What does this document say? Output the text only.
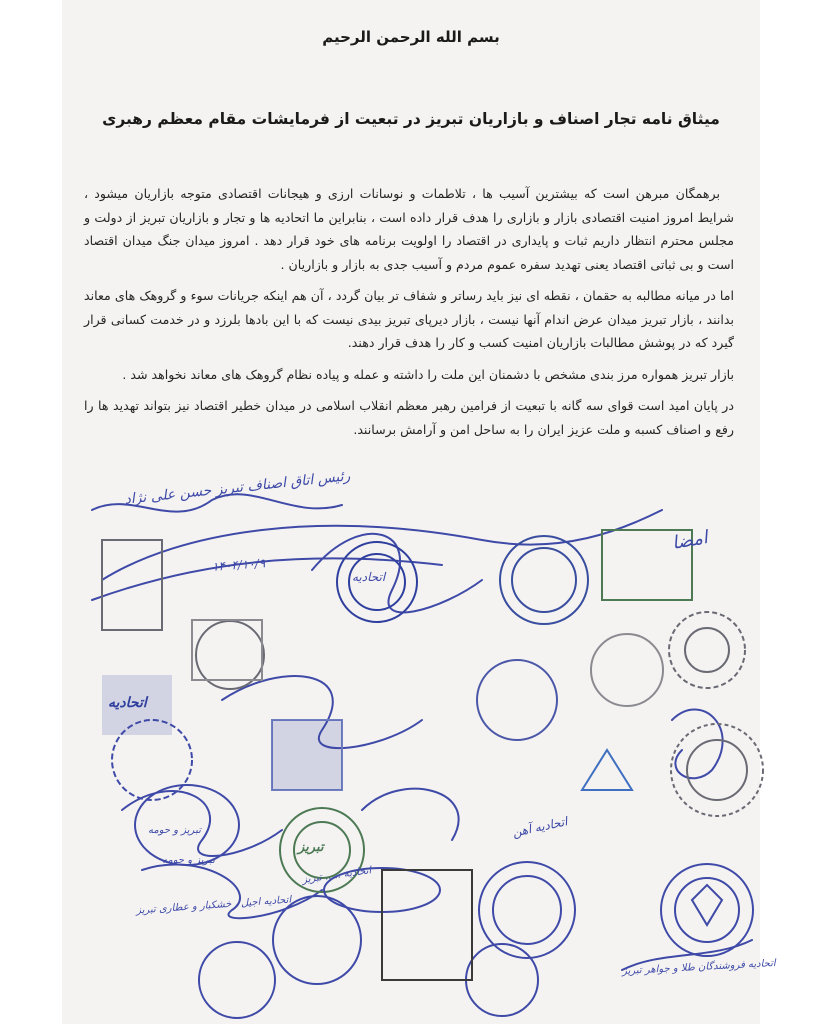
بسم الله الرحمن الرحیم
میثاق نامه تجار اصناف و بازاریان تبریز در تبعیت از فرمایشات مقام معظم رهبری

برهمگان مبرهن است که بیشترین آسیب ها ، تلاطمات و نوسانات ارزی و هیجانات اقتصادی متوجه بازاریان میشود ، شرایط امروز امنیت اقتصادی بازار و بازاری را هدف قرار داده است ، بنابراین ما اتحادیه ها و تجار و بازاریان تبریز از دولت و مجلس محترم انتظار داریم ثبات و پایداری در اقتصاد را اولویت برنامه های خود قرار دهد . امروز میدان جنگ میدان اقتصاد است و بی ثباتی اقتصاد یعنی تهدید سفره عموم مردم و آسیب جدی به بازار و بازاریان .

اما در میانه مطالبه به حقمان ، نقطه ای نیز باید رساتر و شفاف تر بیان گردد ، آن هم اینکه جریانات سوء و گروهک های معاند بدانند ، بازار تبریز میدان عرض اندام آنها نیست ، بازار دیرپای تبریز بیدی نیست که با این بادها بلرزد و در خدمت کسانی قرار گیرد که در پوشش مطالبات بازاریان امنیت کسب و کار را هدف قرار دهند.

بازار تبریز همواره مرز بندی مشخص با دشمنان این ملت را داشته و عمله و پیاده نظام گروهک های معاند نخواهد شد .

در پایان امید است قوای سه گانه با تبعیت از فرامین رهبر معظم انقلاب اسلامی در میدان خطیر اقتصاد نیز بتواند تهدید ها را رفع و اصناف کسبه و ملت عزیز ایران را به ساحل امن و آرامش برسانند.

رئیس اتاق اصناف تبریز حسن علی نژاد
۱۴۰۴/۱۰/۹
اتحادیه
اتحادیه
تبریز
اتحادیه ..... تبریز
تبریز و حومه
اتحادیه اجیل ، خشکبار و عطاری تبریز
اتحادیه فروشندگان طلا و جواهر تبریز
امضا
اتحادیه آهن
تبریز و حومه
